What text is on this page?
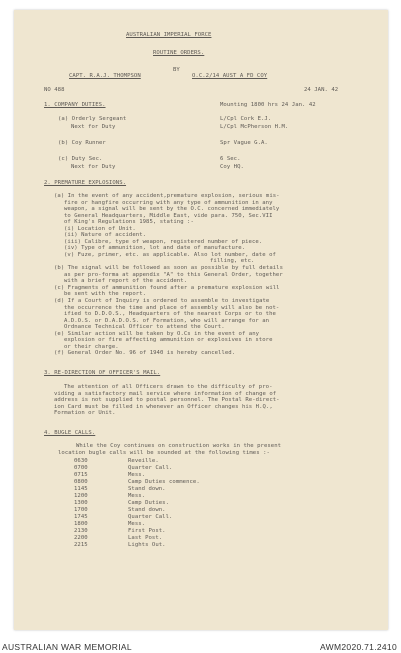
AUSTRALIAN IMPERIAL FORCE
ROUTINE ORDERS.
BY
CAPT. R.A.J. THOMPSON	O.C.2/14 AUST A FD COY
NO 488	24 JAN. 42
1. COMPANY DUTIES.	Mounting 1800 hrs 24 Jan. 42
(a) Orderly Sergeant	L/Cpl Cork E.J.
Next for Duty	L/Cpl McPherson H.M.
(b) Coy Runner	Spr Vague G.A.
(c) Duty Sec.	6 Sec.
Next for Duty	Coy HQ.
2. PREMATURE EXPLOSIONS.
(a) In the event of any accident,premature explosion, serious mis-
fire or hangfire occurring with any type of ammunition in any
weapon, a signal will be sent by the O.C. concerned immediately
to General Headquarters, Middle East, vide para. 750, Sec.VII
of King's Regulations 1985, stating :-
(i) Location of Unit.
(ii) Nature of accident.
(iii) Calibre, type of weapon, registered number of piece.
(iv) Type of ammunition, lot and date of manufacture.
(v) Fuze, primer, etc. as applicable. Also lot number, date of
filling, etc.
(b) The signal will be followed as soon as possible by full details
as per pro-forma at appendix "A" to this General Order, together
with a brief report of the accident.
(c) Fragments of ammunition found after a premature explosion will
be sent with the report.
(d) If a Court of Inquiry is ordered to assemble to investigate
the occurrence the time and place of assembly will also be not-
ified to D.D.O.S., Headquarters of the nearest Corps or to the
A.D.O.S. or D.A.D.O.S. of Formation, who will arrange for an
Ordnance Technical Officer to attend the Court.
(e) Similar action will be taken by O.Cs in the event of any
explosion or fire affecting ammunition or explosives in store
or their charge.
(f) General Order No. 96 of 1940 is hereby cancelled.
3. RE-DIRECTION OF OFFICER'S MAIL.
The attention of all Officers drawn to the difficulty of pro-
viding a satisfactory mail service where information of change of
address is not supplied to postal personnel. The Postal Re-direct-
ion Card must be filled in whenever an Officer changes his H.Q.,
Formation or Unit.
4. BUGLE CALLS.
While the Coy continues on construction works in the present
location bugle calls will be sounded at the following times :-
0630	Reveille.
0700	Quarter Call.
0715	Mess.
0800	Camp Duties commence.
1145	Stand down.
1200	Mess.
1300	Camp Duties.
1700	Stand down.
1745	Quarter Call.
1800	Mess.
2130	First Post.
2200	Last Post.
2215	Lights Out.
AUSTRALIAN WAR MEMORIAL	AWM2020.71.2410
